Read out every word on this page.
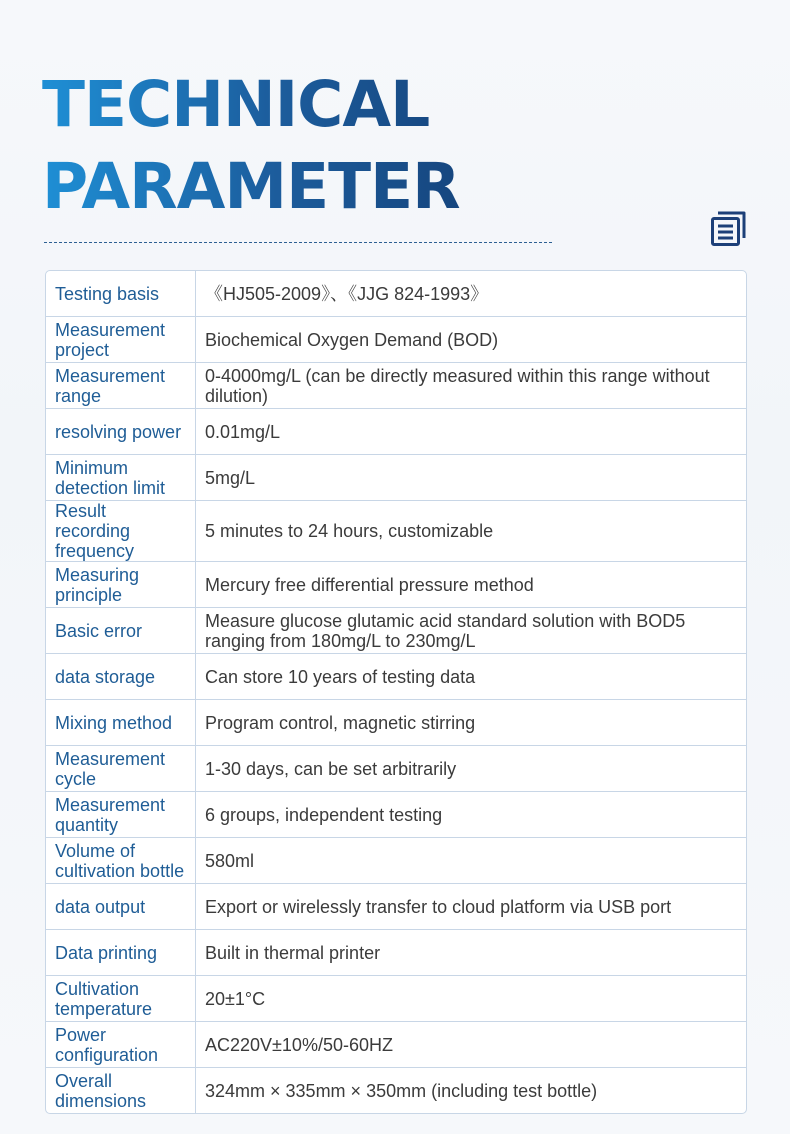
TECHNICAL
PARAMETER
Testing basis	《HJ505-2009》、《JJG 824-1993》
Measurement project	Biochemical Oxygen Demand (BOD)
Measurement range	0-4000mg/L (can be directly measured within this range without dilution)
resolving power	0.01mg/L
Minimum detection limit	5mg/L
Result recording frequency	5 minutes to 24 hours, customizable
Measuring principle	Mercury free differential pressure method
Basic error	Measure glucose glutamic acid standard solution with BOD5 ranging from 180mg/L to 230mg/L
data storage	Can store 10 years of testing data
Mixing method	Program control, magnetic stirring
Measurement cycle	1-30 days, can be set arbitrarily
Measurement quantity	6 groups, independent testing
Volume of cultivation bottle	580ml
data output	Export or wirelessly transfer to cloud platform via USB port
Data printing	Built in thermal printer
Cultivation temperature	20±1°C
Power configuration	AC220V±10%/50-60HZ
Overall dimensions	324mm × 335mm × 350mm (including test bottle)
